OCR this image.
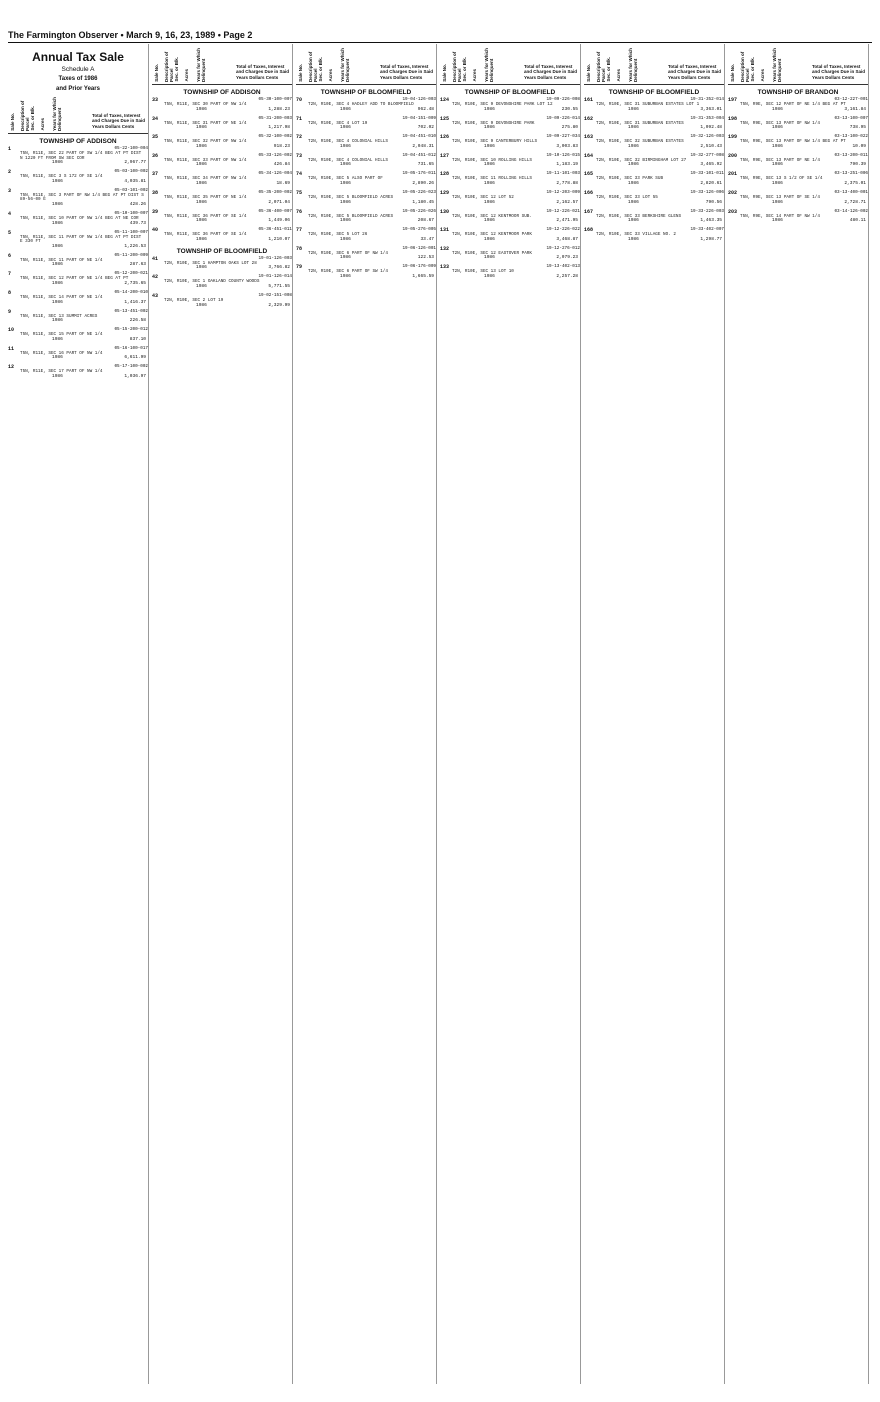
The Farmington Observer • March 9, 16, 23, 1989 • Page 2
Annual Tax Sale
Schedule A
Taxes of 1986
and Prior Years
Sale No. Description of Parcel Sec. or Blk. Acres Years for Which Delinquent	Total of Taxes, Interest and Charges Due in Said Years Dollars Cents
TOWNSHIP OF ADDISON
1	05-22-100-004
T5N, R11E, SEC 22 PART OF SW 1/4 BEG AT PT DIST N 1220 FT FROM SW SEC COR
1986	2,967.77
2	05-03-100-002
T5N, R11E, SEC 3 S 172 OF SE 1/4
1986	4,035.81
3	05-03-101-002
T5N, R11E, SEC 3 PART OF NW 1/4 BEG AT PT DIST S 89-56-00 E
1986	428.26
4	05-10-100-007
T5N, R11E, SEC 10 PART OF NW 1/4 BEG AT NE COR
1986	439.73
5	05-11-100-007
T5N, R11E, SEC 11 PART OF NW 1/4 BEG AT PT DIST E 330 FT
1986	1,226.53
6	05-11-200-009
T5N, R11E, SEC 11 PART OF NE 1/4
1986	287.63
7	05-12-200-021
T5N, R11E, SEC 12 PART OF NE 1/4 BEG AT PT
1986	2,735.65
8	05-14-200-010
T5N, R11E, SEC 14 PART OF NE 1/4
1986	1,416.37
9	05-13-451-002
T5N, R11E, SEC 13 SUMMIT ACRES
1986	226.58
10	05-15-200-012
T5N, R11E, SEC 15 PART OF NE 1/4
1986	837.10
11	05-16-100-017
T5N, R11E, SEC 16 PART OF NW 1/4
1986	6,611.99
12	05-17-100-002
T5N, R11E, SEC 17 PART OF NW 1/4
1986	1,036.97
Sale No. Description of Parcel Sec. or Blk. Acres Years for Which Delinquent	Total of Taxes, Interest and Charges Due in Said Years Dollars Cents
TOWNSHIP OF ADDISON
33	05-30-100-007
T5N, R11E, SEC 30 PART OF NW 1/4
1986	1,288.23
34	05-31-200-003
T5N, R11E, SEC 31 PART OF NE 1/4
1986	1,217.98
35	05-32-100-002
T5N, R11E, SEC 32 PART OF NW 1/4
1986	918.23
36	05-33-126-002
T5N, R11E, SEC 33 PART OF NW 1/4
1986	426.84
37	05-34-126-004
T5N, R11E, SEC 34 PART OF NW 1/4
1986	18.69
38	05-35-200-002
T5N, R11E, SEC 35 PART OF NE 1/4
1986	2,071.04
39	05-36-400-007
T5N, R11E, SEC 36 PART OF SE 1/4
1986	1,449.06
40	05-36-451-011
T5N, R11E, SEC 36 PART OF SE 1/4
1986	1,210.07
TOWNSHIP OF BLOOMFIELD
41	19-01-126-003
T2N, R10E, SEC 1 HAMPTON OAKS LOT 28
1986	3,766.82
42	19-01-126-014
T2N, R10E, SEC 1 OAKLAND COUNTY WOODS
1986	5,771.55
43	19-02-151-008
T2N, R10E, SEC 2 LOT 19
1986	2,329.99
Sale No. Description of Parcel Sec. or Blk. Acres Years for Which Delinquent	Total of Taxes, Interest and Charges Due in Said Years Dollars Cents
TOWNSHIP OF BLOOMFIELD
70	19-04-126-003
T2N, R10E, SEC 4 HADLEY ADD TO BLOOMFIELD
1986	962.48
71	19-04-151-009
T2N, R10E, SEC 4 LOT 19
1986	702.02
72	19-04-451-010
T2N, R10E, SEC 4 COLONIAL HILLS
1986	2,048.31
73	19-04-451-012
T2N, R10E, SEC 4 COLONIAL HILLS
1986	731.65
74	19-05-176-011
T2N, R10E, SEC 5 ALSO PART OF
1986	2,890.26
75	19-05-226-023
T2N, R10E, SEC 5 BLOOMFIELD ACRES
1986	1,180.45
76	19-05-226-026
T2N, R10E, SEC 5 BLOOMFIELD ACRES
1986	208.67
77	19-05-276-005
T2N, R10E, SEC 5 LOT 26
1986	33.47
78	19-06-126-001
T2N, R10E, SEC 6 PART OF NW 1/4
1986	122.53
79	19-06-176-009
T2N, R10E, SEC 6 PART OF SW 1/4
1986	1,665.59
Sale No. Description of Parcel Sec. or Blk. Acres Years for Which Delinquent	Total of Taxes, Interest and Charges Due in Said Years Dollars Cents
TOWNSHIP OF BLOOMFIELD
124	19-09-226-008
T2N, R10E, SEC 9 DEVONSHIRE PARK LOT 12
1986	230.55
125	19-09-226-014
T2N, R10E, SEC 9 DEVONSHIRE PARK
1986	275.80
126	19-09-227-034
T2N, R10E, SEC 9 CANTERBURY HILLS
1986	3,003.83
127	19-10-126-015
T2N, R10E, SEC 10 ROLLING HILLS
1986	1,183.19
128	19-11-101-003
T2N, R10E, SEC 11 ROLLING HILLS
1986	2,778.88
129	19-12-203-009
T2N, R10E, SEC 12 LOT 52
1986	2,162.57
130	19-12-226-021
T2N, R10E, SEC 12 KENTMOOR SUB.
1986	2,471.95
131	19-12-226-022
T2N, R10E, SEC 12 KENTMOOR PARK
1986	3,468.87
132	19-12-276-012
T2N, R10E, SEC 12 EASTOVER PARK
1986	2,079.23
133	19-13-402-013
T2N, R10E, SEC 13 LOT 10
1986	2,257.28
Sale No. Description of Parcel Sec. or Blk. Acres Years for Which Delinquent	Total of Taxes, Interest and Charges Due in Said Years Dollars Cents
TOWNSHIP OF BLOOMFIELD
161	19-31-352-014
T2N, R10E, SEC 31 SUBURBAN ESTATES LOT 1
1986	3,363.01
162	19-31-353-004
T2N, R10E, SEC 31 SUBURBAN ESTATES
1986	1,092.48
163	19-32-126-003
T2N, R10E, SEC 32 SUBURBAN ESTATES
1986	2,510.43
164	19-32-277-008
T2N, R10E, SEC 32 BIRMINGHAM LOT 27
1986	3,465.92
165	19-33-101-011
T2N, R10E, SEC 33 PARK SUB
1986	2,820.61
166	19-33-126-006
T2N, R10E, SEC 33 LOT 55
1986	790.56
167	19-33-226-003
T2N, R10E, SEC 33 BERKSHIRE GLENS
1986	1,463.35
168	19-33-402-007
T2N, R10E, SEC 33 VILLAGE NO. 2
1986	1,298.77
Sale No. Description of Parcel Sec. or Blk. Acres Years for Which Delinquent	Total of Taxes, Interest and Charges Due in Said Years Dollars Cents
TOWNSHIP OF BRANDON
197	03-12-227-001
T5N, R9E, SEC 12 PART OF NE 1/4 BEG AT PT
1986	3,161.84
198	03-13-100-007
T5N, R9E, SEC 13 PART OF NW 1/4
1986	738.95
199	03-13-100-022
T5N, R9E, SEC 13 PART OF NW 1/4 BEG AT PT
1986	10.09
200	03-13-200-011
T5N, R9E, SEC 13 PART OF NE 1/4
1986	790.39
201	03-13-251-006
T5N, R9E, SEC 13 S 1/2 OF SE 1/4
1986	2,375.01
202	03-13-400-001
T5N, R9E, SEC 13 PART OF SE 1/4
1986	2,728.71
203	03-14-126-002
T5N, R9E, SEC 14 PART OF NW 1/4
1986	480.11
